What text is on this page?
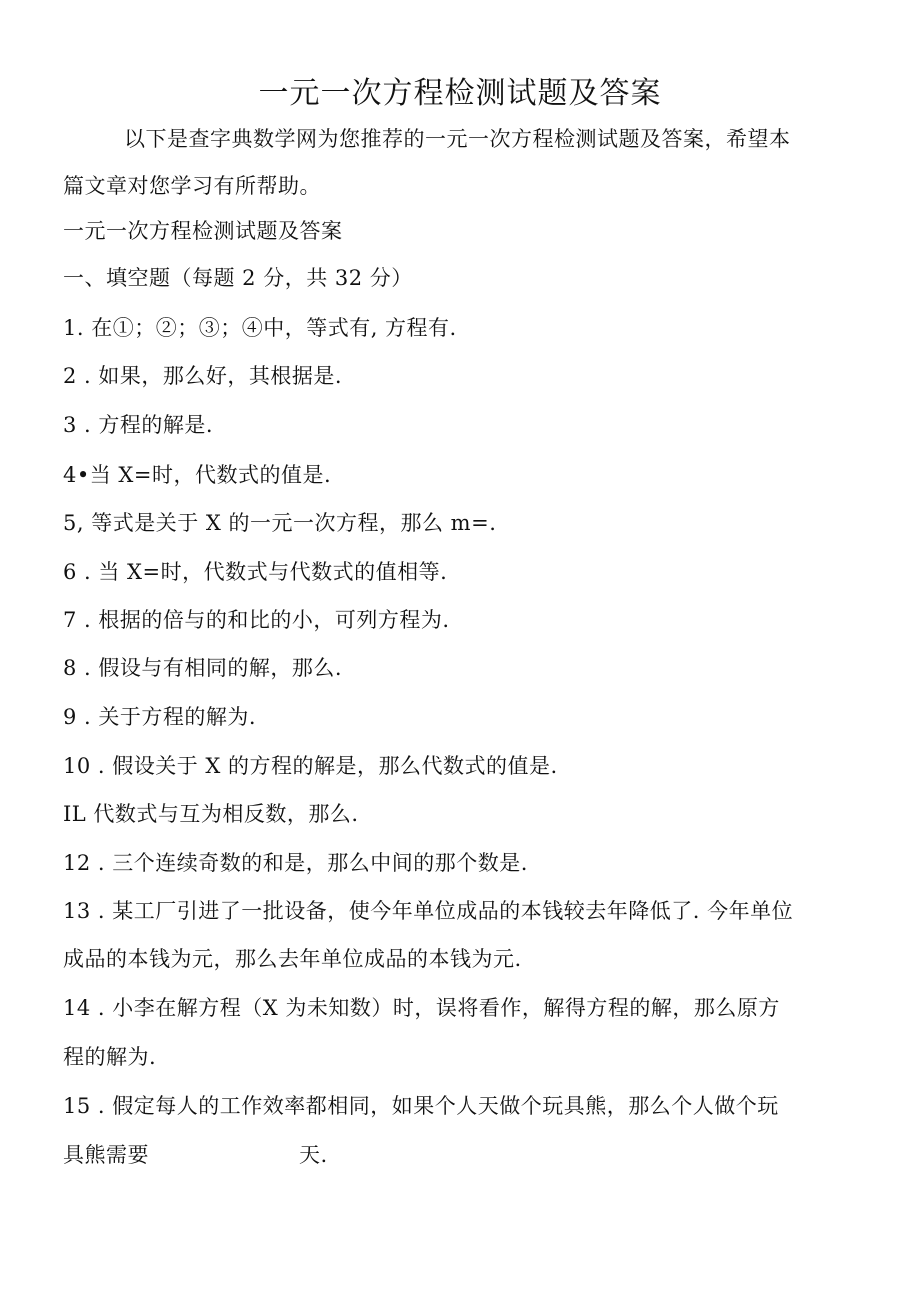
一元一次方程检测试题及答案
以下是查字典数学网为您推荐的一元一次方程检测试题及答案，希望本
篇文章对您学习有所帮助。
一元一次方程检测试题及答案
一、填空题（每题 2 分，共 32 分）
1. 在①；②；③；④中，等式有, 方程有.
2 . 如果，那么好，其根据是.
3 . 方程的解是.
4•当 X=时，代数式的值是.
5, 等式是关于 X 的一元一次方程，那么 m=.
6 . 当 X=时，代数式与代数式的值相等.
7 . 根据的倍与的和比的小，可列方程为.
8 . 假设与有相同的解，那么.
9 . 关于方程的解为.
10 . 假设关于 X 的方程的解是，那么代数式的值是.
IL 代数式与互为相反数，那么.
12 . 三个连续奇数的和是，那么中间的那个数是.
13 . 某工厂引进了一批设备，使今年单位成品的本钱较去年降低了. 今年单位
成品的本钱为元，那么去年单位成品的本钱为元.
14 . 小李在解方程（X 为未知数）时，误将看作，解得方程的解，那么原方
程的解为.
15 . 假定每人的工作效率都相同，如果个人天做个玩具熊，那么个人做个玩
具熊需要	天.
